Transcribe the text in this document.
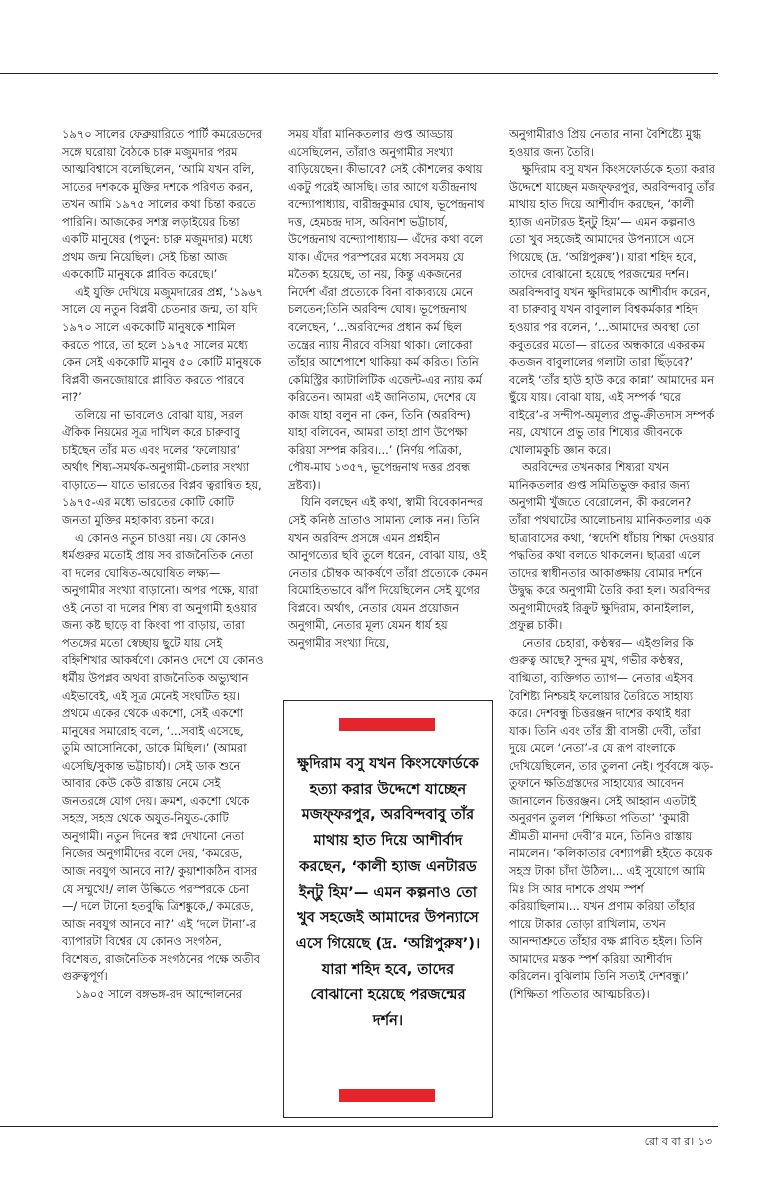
১৯৭০ সালের ফেব্রুয়ারিতে পার্টি কমরেডদের সঙ্গে ঘরোয়া বৈঠকে চারু মজুমদার পরম আত্মবিশ্বাসে বলেছিলেন, ‘আমি যখন বলি, সাতের দশককে মুক্তির দশকে পরিণত করন, তখন আমি ১৯৭৫ সালের কথা চিন্তা করতে পারিনি। আজকের সশস্ত্র লড়াইয়ের চিন্তা একটি মানুষের (পড়ুন: চারু মজুমদার) মধ্যে প্রথম জন্ম নিয়েছিল। সেই চিন্তা আজ এককোটি মানুষকে প্লাবিত করেছে।’

এই যুক্তি দেখিয়ে মজুমদারের প্রশ্ন, ‘১৯৬৭ সালে যে নতুন বিপ্লবী চেতনার জন্ম, তা যদি ১৯৭০ সালে এককোটি মানুষকে শামিল করতে পারে, তা হলে ১৯৭৫ সালের মধ্যে কেন সেই এককোটি মানুষ ৫০ কোটি মানুষকে বিপ্লবী জনজোয়ারে প্লাবিত করতে পারবে না?’

তলিয়ে না ভাবলেও বোঝা যায়, সরল ঐকিক নিয়মের সূত্র দাখিল করে চারুবাবু চাইছেন তাঁর মত এবং দলের ‘ফলোয়ার’ অর্থাৎ শিষ্য-সমর্থক-অনুগামী-চেলার সংখ্যা বাড়াতে— যাতে ভারতের বিপ্লব ত্বরান্বিত হয়, ১৯৭৫-এর মধ্যে ভারতের কোটি কোটি জনতা মুক্তির মহাকাব্য রচনা করে।

এ কোনও নতুন চাওয়া নয়। যে কোনও ধর্মগুরুর মতোই প্রায় সব রাজনৈতিক নেতা বা দলের ঘোষিত-অঘোষিত লক্ষ্য— অনুগামীর সংখ্যা বাড়ানো। অপর পক্ষে, যারা ওই নেতা বা দলের শিষ্য বা অনুগামী হওয়ার জন্য কষ্ট ছাড়ে বা কিংবা পা বাড়ায়, তারা পতঙ্গের মতো স্বেচ্ছায় ছুটে যায় সেই বহ্নিশিখার আকর্ষণে। কোনও দেশে যে কোনও ধর্মীয় উপপ্লব অথবা রাজনৈতিক অভ্যুত্থান এইভাবেই, এই সূত্র মেনেই সংঘটিত হয়। প্রথমে একের থেকে একশো, সেই একশো মানুষের সমারোহ বলে, ‘...সবাই এসেছে, তুমি আসোনিকো, ডাকে মিছিল।’ (আমরা এসেছি/সুকান্ত ভট্টাচার্য)। সেই ডাক শুনে আবার কেউ কেউ রাস্তায় নেমে সেই জনতরঙ্গে যোগ দেয়। ক্রমশ, একশো থেকে সহস্র, সহস্র থেকে অযুত-নিযুত-কোটি অনুগামী। নতুন দিনের স্বপ্ন দেখানো নেতা নিজের অনুগামীদের বলে দেয়, ‘কমরেড, আজ নবযুগ আনবে না?/ কুয়াশাকঠিন বাসর যে সম্মুখে!/ লাল উল্কিতে পরস্পরকে চেনা—/ দলে টানো হতবুদ্ধি ত্রিশঙ্কুকে,/ কমরেড, আজ নবযুগ আনবে না?’ এই ‘দলে টানা’-র ব্যাপারটা বিশ্বের যে কোনও সংগঠন, বিশেষত, রাজনৈতিক সংগঠনের পক্ষে অতীব গুরুত্বপূর্ণ।

১৯০৫ সালে বঙ্গভঙ্গ-রদ আন্দোলনের

সময় যাঁরা মানিকতলার গুপ্ত আড্ডায় এসেছিলেন, তাঁরাও অনুগামীর সংখ্যা বাড়িয়েছেন। কীভাবে? সেই কৌশলের কথায় একটু পরেই আসছি। তার আগে যতীন্দ্রনাথ বন্দ্যোপাধ্যায়, বারীন্দ্রকুমার ঘোষ, ভূপেন্দ্রনাথ দত্ত, হেমচন্দ্র দাস, অবিনাশ ভট্টাচার্য, উপেন্দ্রনাথ বন্দ্যোপাধ্যায়— এঁদের কথা বলে যাক। এঁদের পরস্পরের মধ্যে সবসময় যে মতৈক্য হয়েছে, তা নয়, কিন্তু একজনের নির্দেশ এঁরা প্রত্যেকে বিনা বাক্যব্যয়ে মেনে চলতেন;তিনি অরবিন্দ ঘোষ। ভূপেন্দ্রনাথ বলেছেন, ‘...অরবিন্দের প্রধান কর্ম ছিল তন্ত্রের ন্যায় নীরবে বসিয়া থাকা। লোকেরা তাঁহার আশেপাশে থাকিয়া কর্ম করিত। তিনি কেমিস্ট্রির ক্যাটালিটিক এজেন্ট-এর ন্যায় কর্ম করিতেন। আমরা এই জানিতাম, দেশের যে কাজ যাহা বলুন না কেন, তিনি (অরবিন্দ) যাহা বলিবেন, আমরা তাহা প্রাণ উপেক্ষা করিয়া সম্পন্ন করিব।...’ (নির্ণয় পত্রিকা, পৌষ-মাঘ ১৩৫৭, ভূপেন্দ্রনাথ দত্তর প্রবন্ধ দ্রষ্টব্য)।

যিনি বলছেন এই কথা, স্বামী বিবেকানন্দর সেই কনিষ্ঠ ভ্রাতাও সামান্য লোক নন। তিনি যখন অরবিন্দ প্রসঙ্গে এমন প্রশ্নহীন আনুগত্যের ছবি তুলে ধরেন, বোঝা যায়, ওই নেতার চৌম্বক আকর্ষণে তাঁরা প্রত্যেকে কেমন বিমোহিতভাবে ঝাঁপ দিয়েছিলেন সেই যুগের বিপ্লবে। অর্থাৎ, নেতার যেমন প্রয়োজন অনুগামী, নেতার মূল্য যেমন ধার্য হয় অনুগামীর সংখ্যা দিয়ে,

অনুগামীরাও প্রিয় নেতার নানা বৈশিষ্ট্যে মুগ্ধ হওয়ার জন্য তৈরি।

ক্ষুদিরাম বসু যখন কিংসফোর্ডকে হত্যা করার উদ্দেশে যাচ্ছেন মজফ্‌ফরপুর, অরবিন্দবাবু তাঁর মাথায় হাত দিয়ে আশীর্বাদ করছেন, ‘কালী হ্যাজ এনটারড ইন্‌টু হিম’— এমন কল্পনাও তো খুব সহজেই আমাদের উপন্যাসে এসে গিয়েছে (দ্র. ‘অগ্নিপুরুষ’)। যারা শহিদ হবে, তাদের বোঝানো হয়েছে পরজন্মের দর্শন। অরবিন্দবাবু যখন ক্ষুদিরামকে আশীর্বাদ করেন, বা চারুবাবু যখন বাবুলাল বিশ্বকর্মকার শহিদ হওয়ার পর বলেন, ‘...আমাদের অবস্থা তো কবুতরের মতো— রাতের অন্ধকারে একরকম কতজন বাবুলালের গলাটা তারা ছিঁড়বে?’ বলেই ‘তাঁর হাউ হাউ করে কান্না’ আমাদের মন ছুঁয়ে যায়। বোঝা যায়, এই সম্পর্ক ‘ঘরে বাইরে’-র সন্দীপ-অমূল্যর প্রভু-ক্রীতদাস সম্পর্ক নয়, যেখানে প্রভু তার শিষ্যের জীবনকে খোলামকুচি জ্ঞান করে।

অরবিন্দের তখনকার শিষ্যরা যখন মানিকতলার গুপ্ত সমিতিভুক্ত করার জন্য অনুগামী খুঁজতে বেরোলেন, কী করলেন? তাঁরা পথঘাটের আলোচনায় মানিকতলার এক ছাত্রাবাসের কথা, ‘স্বদেশি ধাঁচায় শিক্ষা দেওয়ার পদ্ধতির কথা বলতে থাকলেন। ছাত্ররা এলে তাদের স্বাধীনতার আকাঙ্ক্ষায় বোমার দর্শনে উদ্বুদ্ধ করে অনুগামী তৈরি করা হল। অরবিন্দর অনুগামীদেরই রিক্রুট ক্ষুদিরাম, কানাইলাল, প্রফুল্ল চাকী।

নেতার চেহারা, কণ্ঠস্বর— এইগুলির কি গুরুত্ব আছে? সুন্দর মুখ, গভীর কণ্ঠস্বর, বাগ্মিতা, ব্যক্তিগত ত্যাগ— নেতার এইসব বৈশিষ্ট্য নিশ্চয়ই ফলোয়ার তৈরিতে সাহায্য করে। দেশবন্ধু চিত্তরঞ্জন দাশের কথাই ধরা যাক। তিনি এবং তাঁর স্ত্রী বাসন্তী দেবী, তাঁরা দুয়ে মেলে ‘নেতা’-র যে রূপ বাংলাকে দেখিয়েছিলেন, তার তুলনা নেই। পূর্ববঙ্গে ঝড়-তুফানে ক্ষতিগ্রস্তদের সাহায্যের আবেদন জানালেন চিত্তরঞ্জন। সেই আহ্বান এতটাই অনুরণন তুলল ‘শিক্ষিতা পতিতা’ ‘কুমারী শ্রীমতী মানদা দেবী’র মনে, তিনিও রাস্তায় নামলেন। ‘কলিকাতার বেশ্যাপল্লী হইতে কয়েক সহস্র টাকা চাঁদা উঠিল।... এই সুযোগে আমি মিঃ সি আর দাশকে প্রথম স্পর্শ করিয়াছিলাম।... যখন প্রণাম করিয়া তাঁহার পায়ে টাকার তোড়া রাখিলাম, তখন আনন্দাশ্রুতে তাঁহার বক্ষ প্লাবিত হইল। তিনি আমাদের মস্তক স্পর্শ করিয়া আশীর্বাদ করিলেন। বুঝিলাম তিনি সত্যই দেশবন্ধু।’ (শিক্ষিতা পতিতার আত্মচরিত)।

ক্ষুদিরাম বসু যখন কিংসফোর্ডকে হত্যা করার উদ্দেশে যাচ্ছেন মজফ্‌ফরপুর, অরবিন্দবাবু তাঁর মাথায় হাত দিয়ে আশীর্বাদ করছেন, ‘কালী হ্যাজ এনটারড ইন্‌টু হিম’— এমন কল্পনাও তো খুব সহজেই আমাদের উপন্যাসে এসে গিয়েছে (দ্র. ‘অগ্নিপুরুষ’)। যারা শহিদ হবে, তাদের বোঝানো হয়েছে পরজন্মের দর্শন।
রো ব বা র। ১৩
